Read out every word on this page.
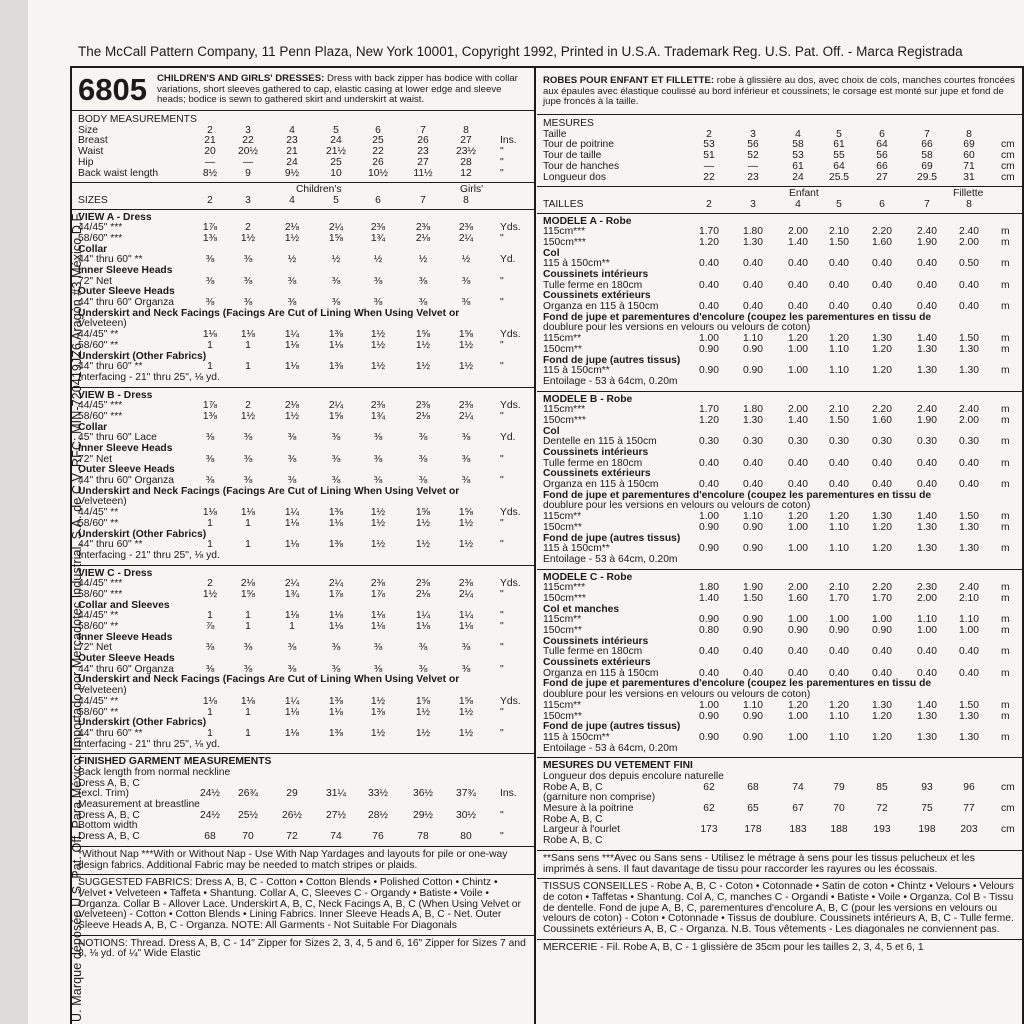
The McCall Pattern Company, 11 Penn Plaza, New York 10001, Copyright 1992, Printed in U.S.A. Trademark Reg. U.S. Pat. Off. - Marca Registrada
U. Marque déposée U.S. Pat. Off. Para México: Importado por Mercadotec Industrial, S.A. de C.V. RFC: MIN-720419JZ6 Aragón #3 México D.F.
6805	CHILDREN'S AND GIRLS' DRESSES: Dress with back zipper has bodice with collar variations, short sleeves gathered to cap, elastic casing at lower edge and sleeve heads; bodice is sewn to gathered skirt and underskirt at waist.
BODY MEASUREMENTS
Size	2	3	4	5	6	7	8
Breast	21	22	23	24	25	26	27	Ins.
Waist	20	20½	21	21½	22	23	23½	"
Hip	—	—	24	25	26	27	28	"
Back waist length	8½	9	9½	10	10½	11½	12	"
Children's	Girls'
SIZES	2	3	4	5	6	7	8
VIEW A - Dress
44/45" ***	1⅞	2	2⅛	2¼	2⅜	2⅜	2⅜	Yds.
58/60" ***	1⅜	1½	1½	1⅝	1¾	2⅛	2¼	"
Collar
44" thru 60" **	⅜	⅜	½	½	½	½	½	Yd.
Inner Sleeve Heads
72" Net	⅜	⅜	⅜	⅜	⅜	⅜	⅜	"
Outer Sleeve Heads
44" thru 60" Organza	⅜	⅜	⅜	⅜	⅜	⅜	⅜	"
Underskirt and Neck Facings (Facings Are Cut of Lining When Using Velvet or
Velveteen)
44/45" **	1⅛	1⅛	1¼	1⅜	1½	1⅝	1⅝	Yds.
58/60" **	1	1	1⅛	1⅛	1½	1½	1½	"
Underskirt (Other Fabrics)
44" thru 60" **	1	1	1⅛	1⅜	1½	1½	1½	"
Interfacing - 21" thru 25", ⅛ yd.
VIEW B - Dress
44/45" ***	1⅞	2	2⅛	2¼	2⅜	2⅜	2⅜	Yds.
58/60" ***	1⅜	1½	1½	1⅝	1¾	2⅛	2¼	"
Collar
45" thru 60" Lace	⅜	⅜	⅜	⅜	⅜	⅜	⅜	Yd.
Inner Sleeve Heads
72" Net	⅜	⅜	⅜	⅜	⅜	⅜	⅜	"
Outer Sleeve Heads
44" thru 60" Organza	⅜	⅜	⅜	⅜	⅜	⅜	⅜	"
Underskirt and Neck Facings (Facings Are Cut of Lining When Using Velvet or
Velveteen)
44/45" **	1⅛	1⅛	1¼	1⅜	1½	1⅝	1⅝	Yds.
58/60" **	1	1	1⅛	1⅛	1½	1½	1½	"
Underskirt (Other Fabrics)
44" thru 60" **	1	1	1⅛	1⅜	1½	1½	1½	"
Interfacing - 21" thru 25", ⅛ yd.
VIEW C - Dress
44/45" ***	2	2⅛	2¼	2¼	2⅜	2⅜	2⅜	Yds.
58/60" ***	1½	1⅝	1¾	1⅞	1⅞	2⅛	2¼	"
Collar and Sleeves
44/45" **	1	1	1⅛	1⅛	1⅛	1¼	1¼	"
58/60" **	⅞	1	1	1⅛	1⅛	1⅛	1⅛	"
Inner Sleeve Heads
72" Net	⅜	⅜	⅜	⅜	⅜	⅜	⅜	"
Outer Sleeve Heads
44" thru 60" Organza	⅜	⅜	⅜	⅜	⅜	⅜	⅜	"
Underskirt and Neck Facings (Facings Are Cut of Lining When Using Velvet or
Velveteen)
44/45" **	1⅛	1⅛	1¼	1⅜	1½	1⅝	1⅝	Yds.
58/60" **	1	1	1⅛	1⅛	1⅜	1½	1½	"
Underskirt (Other Fabrics)
44" thru 60" **	1	1	1⅛	1⅜	1½	1½	1½	"
Interfacing - 21" thru 25", ⅛ yd.
FINISHED GARMENT MEASUREMENTS
Back length from normal neckline
Dress A, B, C
(excl. Trim)	24½	26¾	29	31¼	33½	36½	37¾	Ins.
Measurement at breastline
Dress A, B, C	24½	25½	26½	27½	28½	29½	30½	"
Bottom width
Dress A, B, C	68	70	72	74	76	78	80	"
*Without Nap ***With or Without Nap - Use With Nap Yardages and layouts for pile or one-way design fabrics. Additional Fabric may be needed to match stripes or plaids.
SUGGESTED FABRICS: Dress A, B, C - Cotton • Cotton Blends • Polished Cotton • Chintz • Velvet • Velveteen • Taffeta • Shantung. Collar A, C, Sleeves C - Organdy • Batiste • Voile • Organza. Collar B - Allover Lace. Underskirt A, B, C, Neck Facings A, B, C (When Using Velvet or Velveteen) - Cotton • Cotton Blends • Lining Fabrics. Inner Sleeve Heads A, B, C - Net. Outer Sleeve Heads A, B, C - Organza. NOTE: All Garments - Not Suitable For Diagonals
NOTIONS: Thread. Dress A, B, C - 14" Zipper for Sizes 2, 3, 4, 5 and 6, 16" Zipper for Sizes 7 and 8, ⅛ yd. of ¼" Wide Elastic
ROBES POUR ENFANT ET FILLETTE: robe à glissière au dos, avec choix de cols, manches courtes froncées aux épaules avec élastique coulissé au bord inférieur et coussinets; le corsage est monté sur jupe et fond de jupe froncés à la taille.
MESURES
Taille	2	3	4	5	6	7	8
Tour de poitrine	53	56	58	61	64	66	69	cm
Tour de taille	51	52	53	55	56	58	60	cm
Tour de hanches	—	—	61	64	66	69	71	cm
Longueur dos	22	23	24	25.5	27	29.5	31	cm
Enfant	Fillette
TAILLES	2	3	4	5	6	7	8
MODELE A - Robe
115cm***	1.70	1.80	2.00	2.10	2.20	2.40	2.40	m
150cm***	1.20	1.30	1.40	1.50	1.60	1.90	2.00	m
Col
115 à 150cm**	0.40	0.40	0.40	0.40	0.40	0.40	0.50	m
Coussinets intérieurs
Tulle ferme en 180cm	0.40	0.40	0.40	0.40	0.40	0.40	0.40	m
Coussinets extérieurs
Organza en 115 à 150cm	0.40	0.40	0.40	0.40	0.40	0.40	0.40	m
Fond de jupe et parementures d'encolure (coupez les parementures en tissu de
doublure pour les versions en velours ou velours de coton)
115cm**	1.00	1.10	1.20	1.20	1.30	1.40	1.50	m
150cm**	0.90	0.90	1.00	1.10	1.20	1.30	1.30	m
Fond de jupe (autres tissus)
115 à 150cm**	0.90	0.90	1.00	1.10	1.20	1.30	1.30	m
Entoilage - 53 à 64cm, 0.20m
MODELE B - Robe
115cm***	1.70	1.80	2.00	2.10	2.20	2.40	2.40	m
150cm***	1.20	1.30	1.40	1.50	1.60	1.90	2.00	m
Col
Dentelle en 115 à 150cm	0.30	0.30	0.30	0.30	0.30	0.30	0.30	m
Coussinets intérieurs
Tulle ferme en 180cm	0.40	0.40	0.40	0.40	0.40	0.40	0.40	m
Coussinets extérieurs
Organza en 115 à 150cm	0.40	0.40	0.40	0.40	0.40	0.40	0.40	m
Fond de jupe et parementures d'encolure (coupez les parementures en tissu de
doublure pour les versions en velours ou velours de coton)
115cm**	1.00	1.10	1.20	1.20	1.30	1.40	1.50	m
150cm**	0.90	0.90	1.00	1.10	1.20	1.30	1.30	m
Fond de jupe (autres tissus)
115 à 150cm**	0.90	0.90	1.00	1.10	1.20	1.30	1.30	m
Entoilage - 53 à 64cm, 0.20m
MODELE C - Robe
115cm***	1.80	1.90	2.00	2.10	2.20	2.30	2.40	m
150cm***	1.40	1.50	1.60	1.70	1.70	2.00	2.10	m
Col et manches
115cm**	0.90	0.90	1.00	1.00	1.00	1.10	1.10	m
150cm**	0.80	0.90	0.90	0.90	0.90	1.00	1.00	m
Coussinets intérieurs
Tulle ferme en 180cm	0.40	0.40	0.40	0.40	0.40	0.40	0.40	m
Coussinets extérieurs
Organza en 115 à 150cm	0.40	0.40	0.40	0.40	0.40	0.40	0.40	m
Fond de jupe et parementures d'encolure (coupez les parementures en tissu de
doublure pour les versions en velours ou velours de coton)
115cm**	1.00	1.10	1.20	1.20	1.30	1.40	1.50	m
150cm**	0.90	0.90	1.00	1.10	1.20	1.30	1.30	m
Fond de jupe (autres tissus)
115 à 150cm**	0.90	0.90	1.00	1.10	1.20	1.30	1.30	m
Entoilage - 53 à 64cm, 0.20m
MESURES DU VETEMENT FINI
Longueur dos depuis encolure naturelle
Robe A, B, C	62	68	74	79	85	93	96	cm
(garniture non comprise)
Mesure à la poitrine	62	65	67	70	72	75	77	cm
Robe A, B, C
Largeur à l'ourlet	173	178	183	188	193	198	203	cm
Robe A, B, C
**Sans sens ***Avec ou Sans sens - Utilisez le métrage à sens pour les tissus pelucheux et les imprimés à sens. Il faut davantage de tissu pour raccorder les rayures ou les écossais.
TISSUS CONSEILLES - Robe A, B, C - Coton • Cotonnade • Satin de coton • Chintz • Velours • Velours de coton • Taffetas • Shantung. Col A, C, manches C - Organdi • Batiste • Voile • Organza. Col B - Tissu de dentelle. Fond de jupe A, B, C, parementures d'encolure A, B, C (pour les versions en velours ou velours de coton) - Coton • Cotonnade • Tissus de doublure. Coussinets intérieurs A, B, C - Tulle ferme. Coussinets extérieurs A, B, C - Organza. N.B. Tous vêtements - Les diagonales ne conviennent pas.
MERCERIE - Fil. Robe A, B, C - 1 glissière de 35cm pour les tailles 2, 3, 4, 5 et 6, 1
